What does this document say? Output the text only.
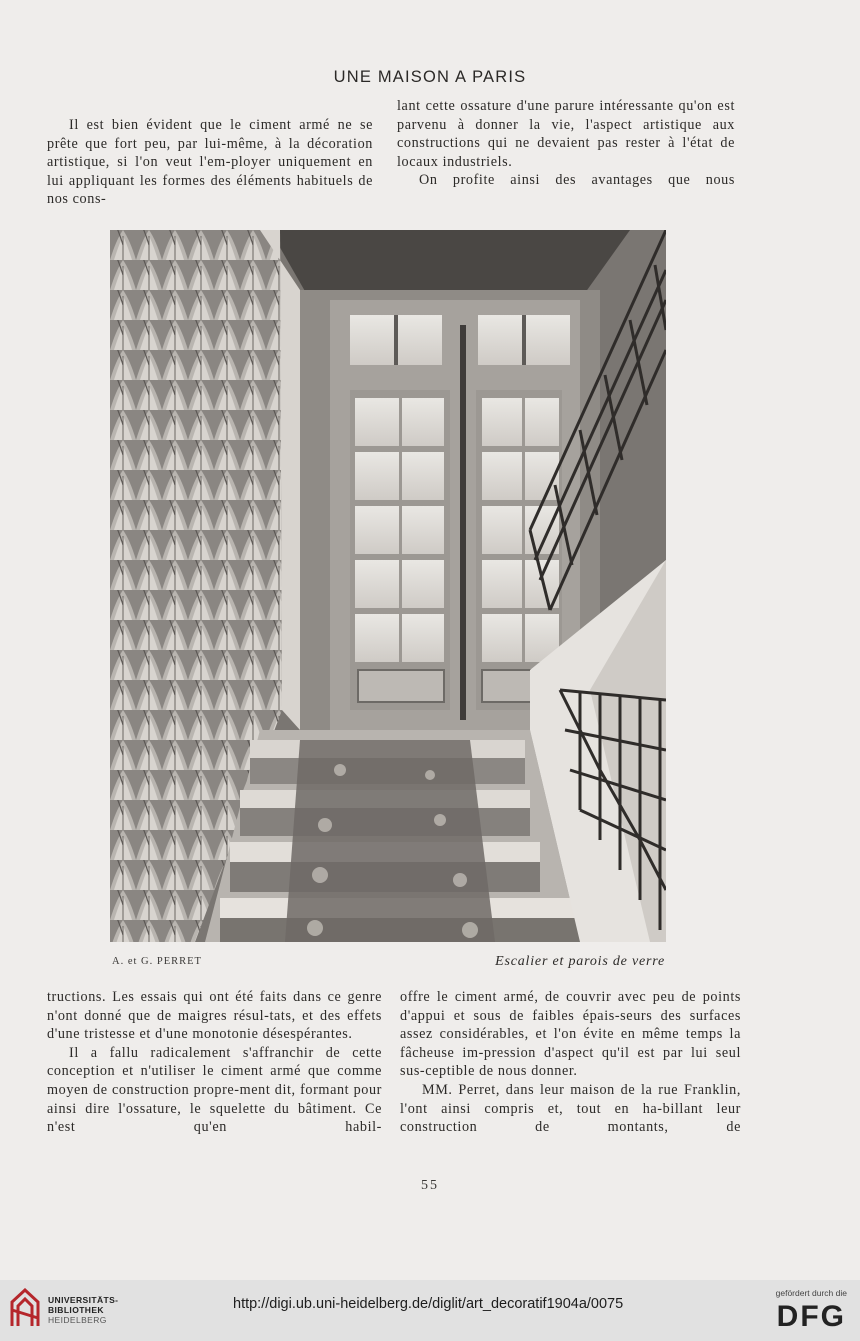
UNE MAISON A PARIS

Il est bien évident que le ciment armé ne se prête que fort peu, par lui-même, à la décoration artistique, si l'on veut l'em-ployer uniquement en lui appliquant les formes des éléments habituels de nos cons-

lant cette ossature d'une parure intéressante qu'on est parvenu à donner la vie, l'aspect artistique aux constructions qui ne devaient pas rester à l'état de locaux industriels.

On profite ainsi des avantages que nous

A. et G. PERRET	Escalier et parois de verre

tructions. Les essais qui ont été faits dans ce genre n'ont donné que de maigres résul-tats, et des effets d'une tristesse et d'une monotonie désespérantes.

Il a fallu radicalement s'affranchir de cette conception et n'utiliser le ciment armé que comme moyen de construction propre-ment dit, formant pour ainsi dire l'ossature, le squelette du bâtiment. Ce n'est qu'en habil-

offre le ciment armé, de couvrir avec peu de points d'appui et sous de faibles épais-seurs des surfaces assez considérables, et l'on évite en même temps la fâcheuse im-pression d'aspect qu'il est par lui seul sus-ceptible de nous donner.

MM. Perret, dans leur maison de la rue Franklin, l'ont ainsi compris et, tout en ha-billant leur construction de montants, de

55
UNIVERSITÄTS-
BIBLIOTHEK
HEIDELBERG
http://digi.ub.uni-heidelberg.de/diglit/art_decoratif1904a/0075
gefördert durch die
DFG
